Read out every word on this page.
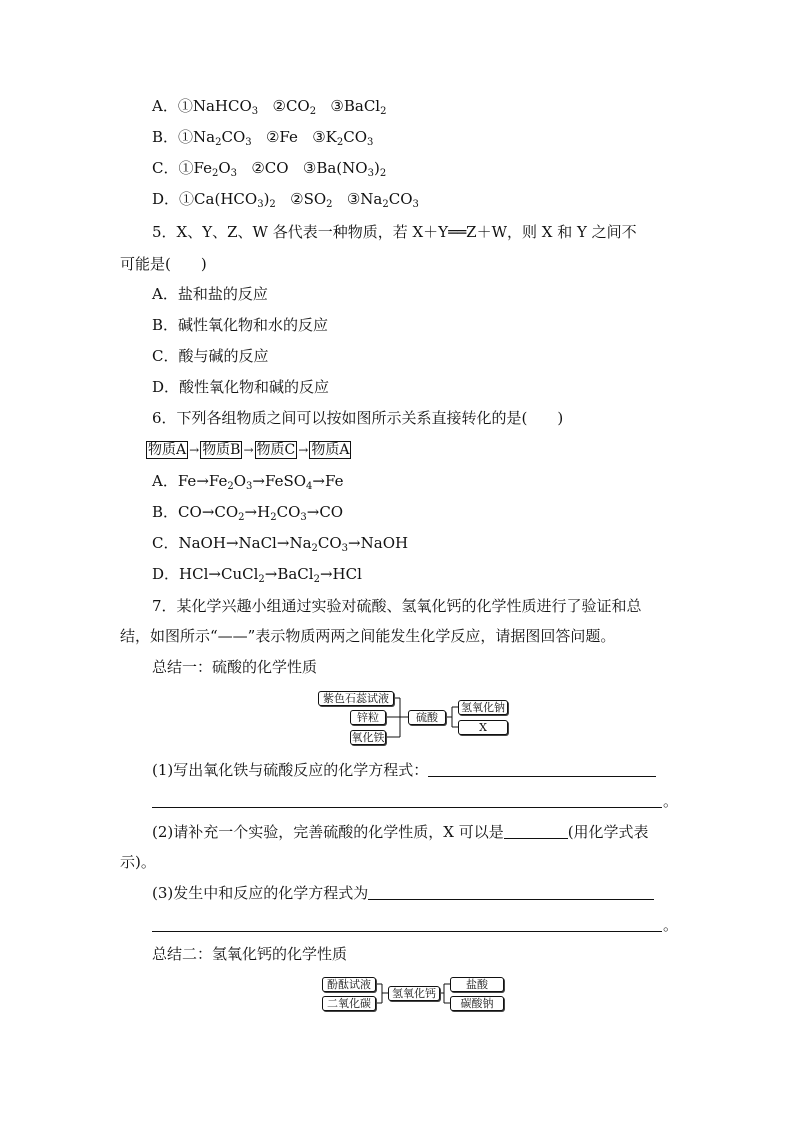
A．①NaHCO$_3$ $②CO_2$ ③BaCl$_2$
B．$①Na_2CO_3$ ②Fe $③K_2CO_3$
C．$①Fe_2O_3$ ②CO $③Ba(NO_3)_2$
D．$①Ca(HCO_3)_2$ $②SO_2$ $③Na_2CO_3$
5．X、Y、Z、W 各代表一种物质，若 X＋Y══Z＋W，则 X 和 Y 之间不
可能是(　　)
A．盐和盐的反应
B．碱性氧化物和水的反应
C．酸与碱的反应
D．酸性氧化物和碱的反应
6．下列各组物质之间可以按如图所示关系直接转化的是(　　)
物质A → 物质B → 物质C → 物质A
A．$Fe\to Fe_2O_3\to FeSO_4\to Fe$
B．$CO\to CO_2\to H_2CO_3\to CO$
C．$NaOH\to NaCl\to Na_2CO_3\to NaOH$
D．HCl→CuCl$_2$→BaCl$_2$→HCl
7．某化学兴趣小组通过实验对硫酸、氢氧化钙的化学性质进行了验证和总
结，如图所示“——”表示物质两两之间能发生化学反应，请据图回答问题。
总结一：硫酸的化学性质
紫色石蕊试液
锌粒
氧化铁
硫酸
氢氧化钠
X
(1)写出氧化铁与硫酸反应的化学方程式：
。
(2)请补充一个实验，完善硫酸的化学性质，X 可以是	(用化学式表
示)。
(3)发生中和反应的化学方程式为
。
总结二：氢氧化钙的化学性质
酚酞试液
二氧化碳
氢氧化钙
盐酸
碳酸钠
